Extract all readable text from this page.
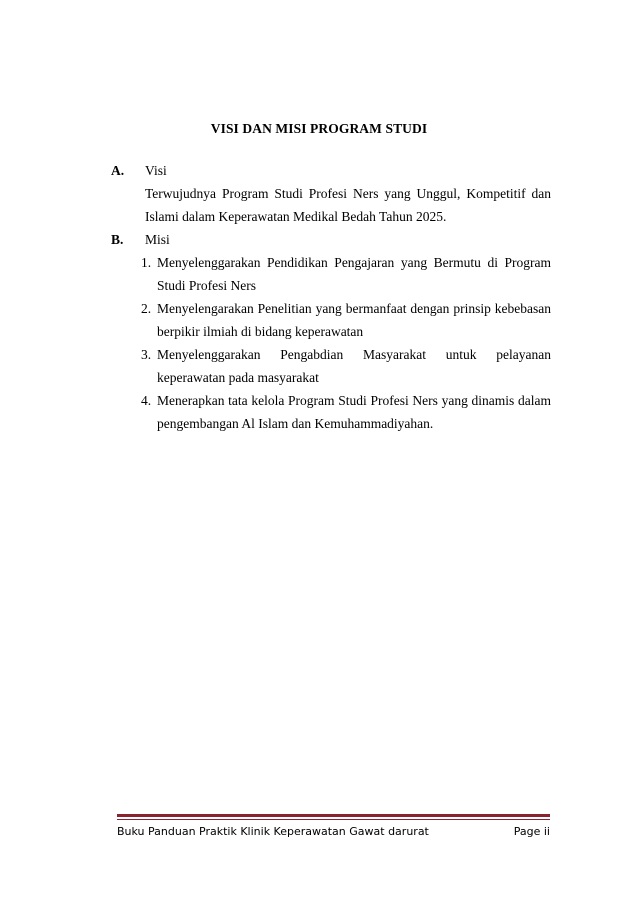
VISI DAN MISI PROGRAM STUDI
A.	Visi
Terwujudnya Program Studi Profesi Ners yang Unggul, Kompetitif dan Islami dalam Keperawatan Medikal Bedah Tahun 2025.
B.	Misi
1. Menyelenggarakan Pendidikan Pengajaran yang Bermutu di Program Studi Profesi Ners
2. Menyelengarakan Penelitian yang bermanfaat dengan prinsip kebebasan berpikir ilmiah di bidang keperawatan
3. Menyelenggarakan Pengabdian Masyarakat untuk pelayanan keperawatan pada masyarakat
4. Menerapkan tata kelola Program Studi Profesi Ners yang dinamis dalam pengembangan Al Islam dan Kemuhammadiyahan.
Buku Panduan Praktik Klinik Keperawatan Gawat darurat	Page ii
